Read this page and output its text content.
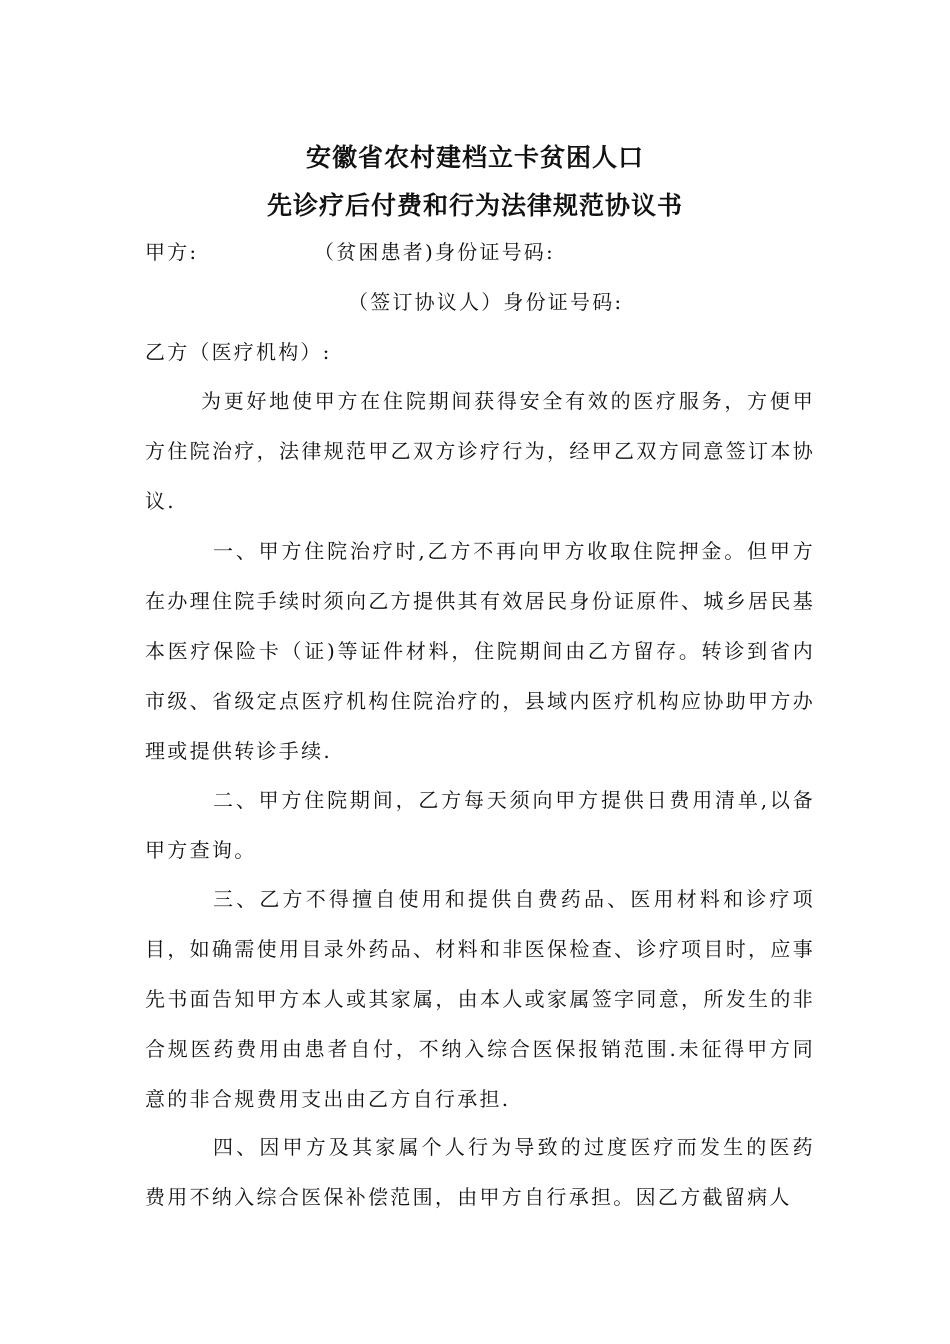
安徽省农村建档立卡贫困人口
先诊疗后付费和行为法律规范协议书
甲方:	（贫困患者)身份证号码:
（签订协议人）身份证号码:
乙方（医疗机构）:
为更好地使甲方在住院期间获得安全有效的医疗服务，方便甲方住院治疗，法律规范甲乙双方诊疗行为，经甲乙双方同意签订本协议.
一、甲方住院治疗时,乙方不再向甲方收取住院押金。但甲方在办理住院手续时须向乙方提供其有效居民身份证原件、城乡居民基本医疗保险卡（证)等证件材料，住院期间由乙方留存。转诊到省内市级、省级定点医疗机构住院治疗的，县域内医疗机构应协助甲方办理或提供转诊手续.
二、甲方住院期间，乙方每天须向甲方提供日费用清单,以备甲方查询。
三、乙方不得擅自使用和提供自费药品、医用材料和诊疗项目，如确需使用目录外药品、材料和非医保检查、诊疗项目时，应事先书面告知甲方本人或其家属，由本人或家属签字同意，所发生的非合规医药费用由患者自付，不纳入综合医保报销范围.未征得甲方同意的非合规费用支出由乙方自行承担.
四、因甲方及其家属个人行为导致的过度医疗而发生的医药费用不纳入综合医保补偿范围，由甲方自行承担。因乙方截留病人
